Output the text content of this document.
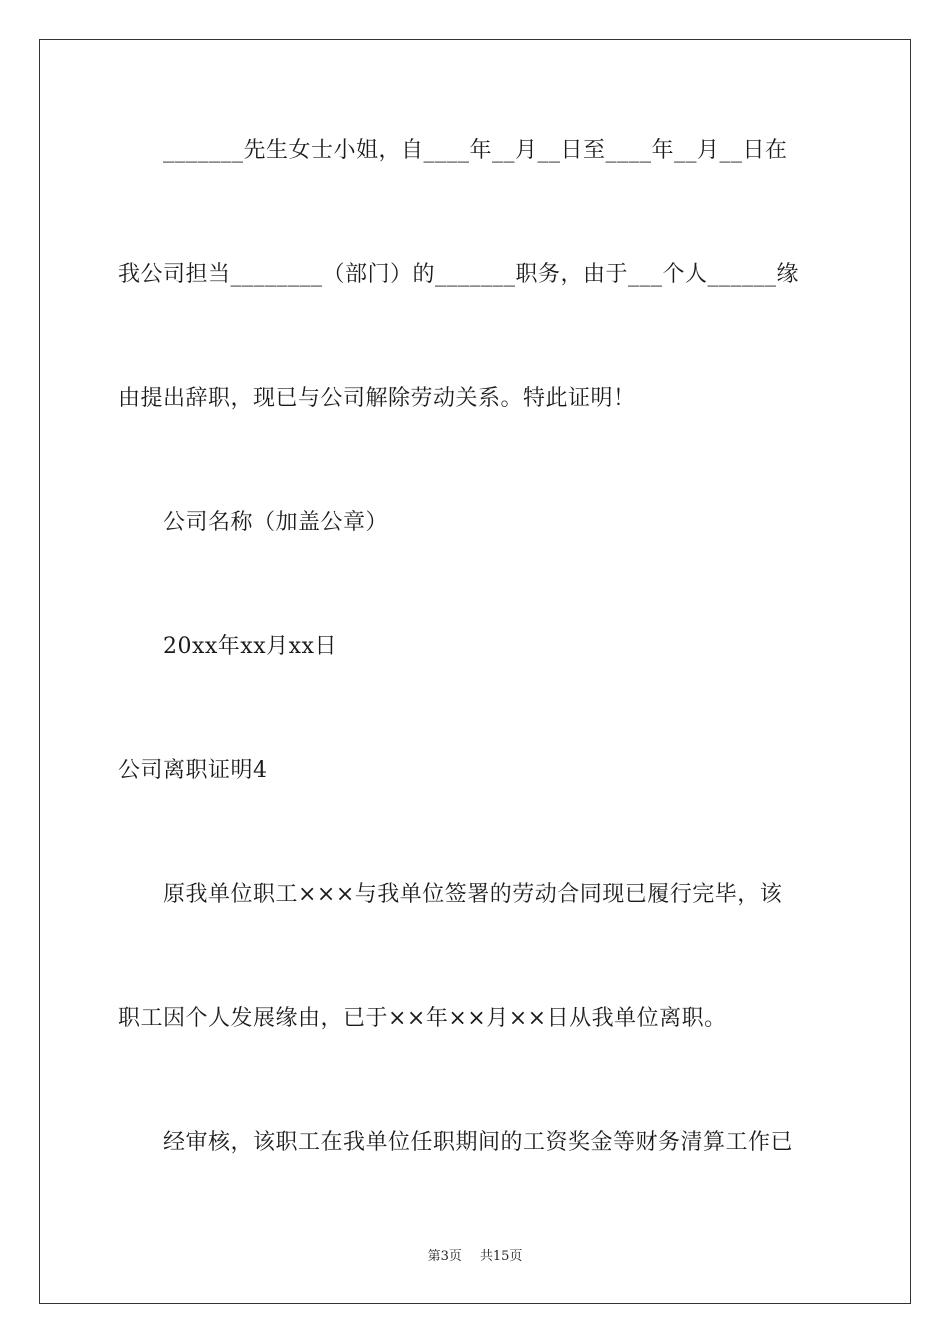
_______先生女士小姐，自____年__月__日至____年__月__日在
我公司担当________（部门）的_______职务，由于___个人______缘
由提出辞职，现已与公司解除劳动关系。特此证明！
公司名称（加盖公章）
20xx年xx月xx日
公司离职证明4
原我单位职工×××与我单位签署的劳动合同现已履行完毕，该
职工因个人发展缘由，已于××年××月××日从我单位离职。
经审核，该职工在我单位任职期间的工资奖金等财务清算工作已
第3页 共15页
